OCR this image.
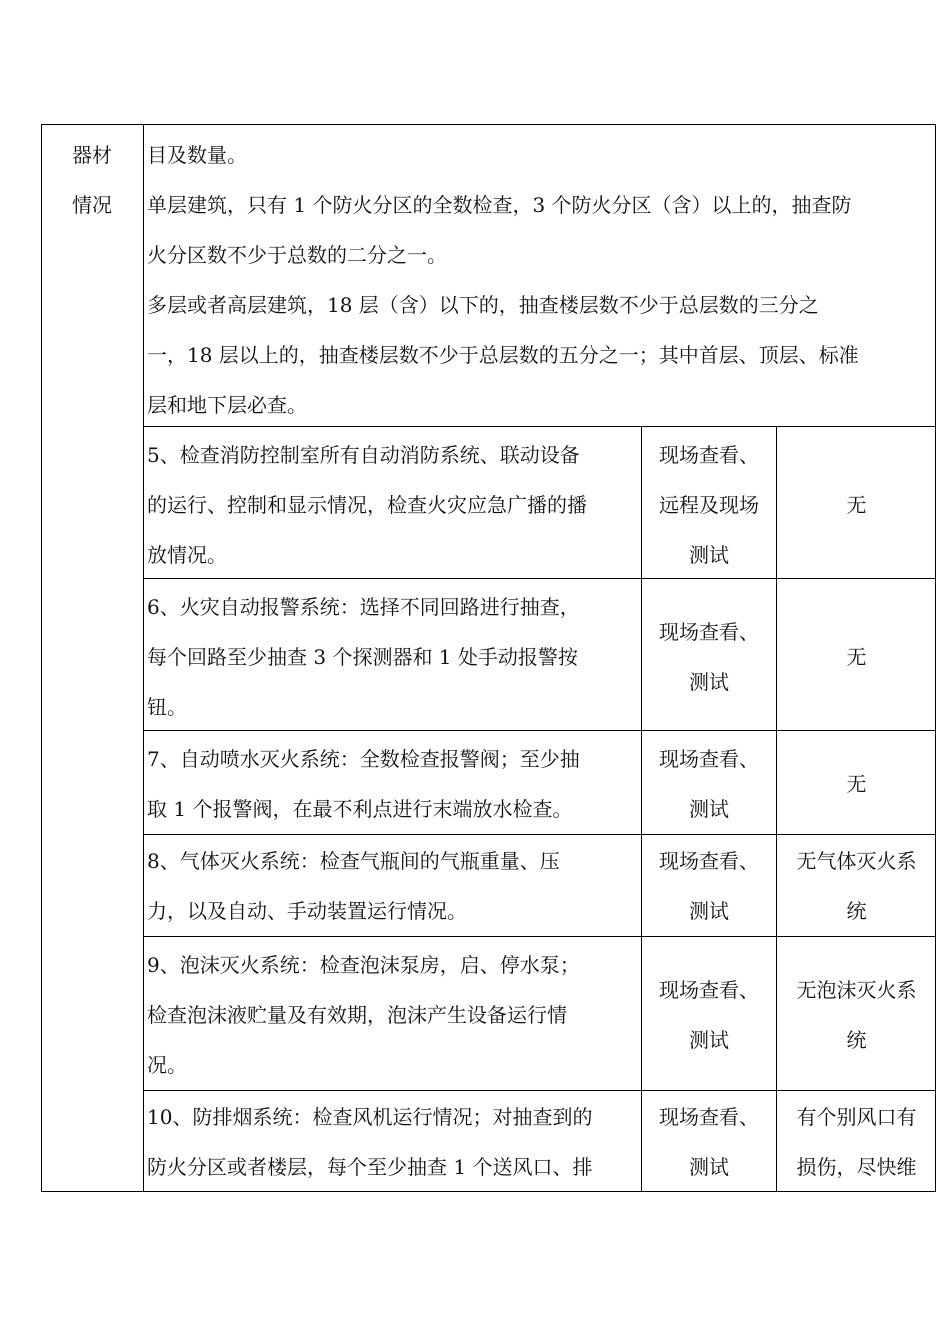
器材
情况
目及数量。
单层建筑，只有 1 个防火分区的全数检查，3 个防火分区（含）以上的，抽查防
火分区数不少于总数的二分之一。
多层或者高层建筑，18 层（含）以下的，抽查楼层数不少于总层数的三分之
一，18 层以上的，抽查楼层数不少于总层数的五分之一；其中首层、顶层、标准
层和地下层必查。
5、检查消防控制室所有自动消防系统、联动设备
的运行、控制和显示情况，检查火灾应急广播的播
放情况。
现场查看、
远程及现场
测试
无
6、火灾自动报警系统：选择不同回路进行抽查，
每个回路至少抽查 3 个探测器和 1 处手动报警按
钮。
现场查看、
测试
无
7、自动喷水灭火系统：全数检查报警阀；至少抽
取 1 个报警阀，在最不利点进行末端放水检查。
现场查看、
测试
无
8、气体灭火系统：检查气瓶间的气瓶重量、压
力，以及自动、手动装置运行情况。
现场查看、
测试
无气体灭火系
统
9、泡沫灭火系统：检查泡沫泵房，启、停水泵；
检查泡沫液贮量及有效期，泡沫产生设备运行情
况。
现场查看、
测试
无泡沫灭火系
统
10、防排烟系统：检查风机运行情况；对抽查到的
防火分区或者楼层，每个至少抽查 1 个送风口、排
现场查看、
测试
有个别风口有
损伤，尽快维
